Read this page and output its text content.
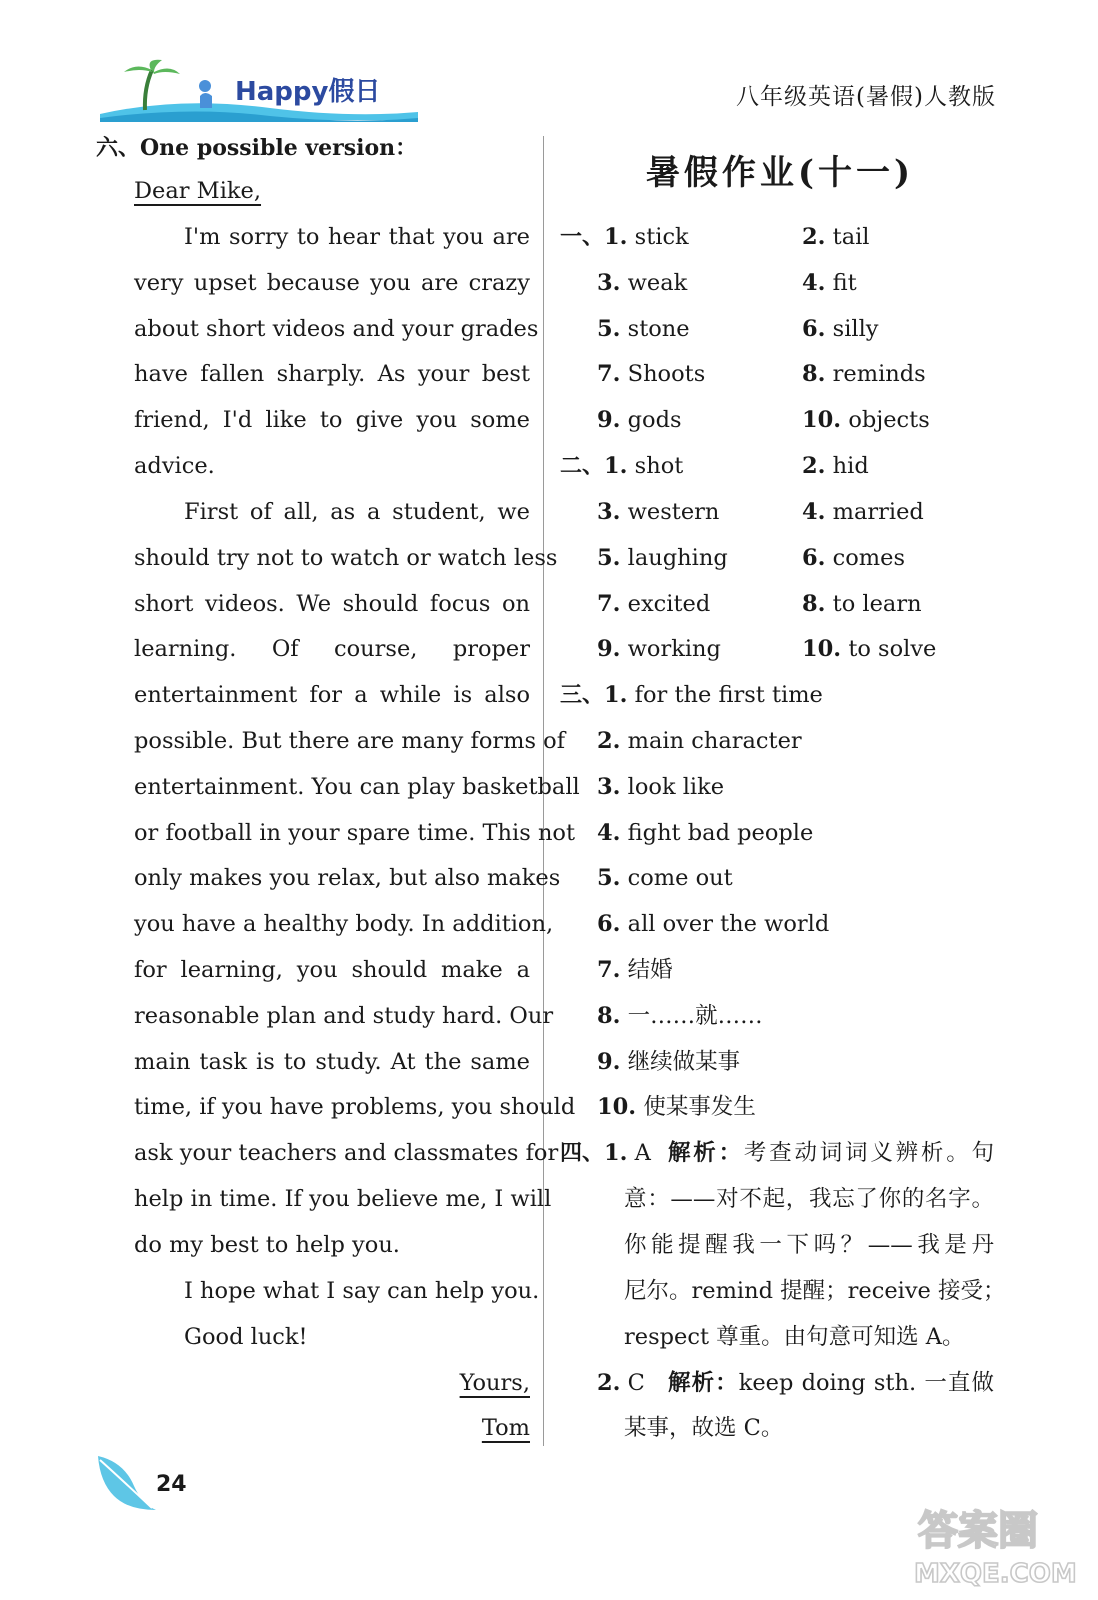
Happy假日	八年级英语(暑假)人教版
六、One possible version：
Dear Mike,
I'm sorry to hear that you are
very upset because you are crazy
about short videos and your grades
have fallen sharply. As your best
friend, I'd like to give you some
advice.
First of all, as a student, we
should try not to watch or watch less
short videos. We should focus on
learning. Of course, proper
entertainment for a while is also
possible. But there are many forms of
entertainment. You can play basketball
or football in your spare time. This not
only makes you relax, but also makes
you have a healthy body. In addition,
for learning, you should make a
reasonable plan and study hard. Our
main task is to study. At the same
time, if you have problems, you should
ask your teachers and classmates for
help in time. If you believe me, I will
do my best to help you.
I hope what I say can help you.
Good luck!
Yours,
Tom
暑假作业(十一)
一、1. stick	2. tail
3. weak	4. fit
5. stone	6. silly
7. Shoots	8. reminds
9. gods	10. objects
二、1. shot	2. hid
3. western	4. married
5. laughing	6. comes
7. excited	8. to learn
9. working	10. to solve
三、1. for the first time
2. main character
3. look like
4. fight bad people
5. come out
6. all over the world
7. 结婚
8. 一……就……
9. 继续做某事
10. 使某事发生
四、1. A 解析：考查动词词义辨析。句
意：——对不起，我忘了你的名字。
你能提醒我一下吗？——我是丹
尼尔。remind 提醒；receive 接受；
respect 尊重。由句意可知选 A。
2. C 解析：keep doing sth. 一直做
某事，故选 C。
24
答案圈
MXQE.COM
